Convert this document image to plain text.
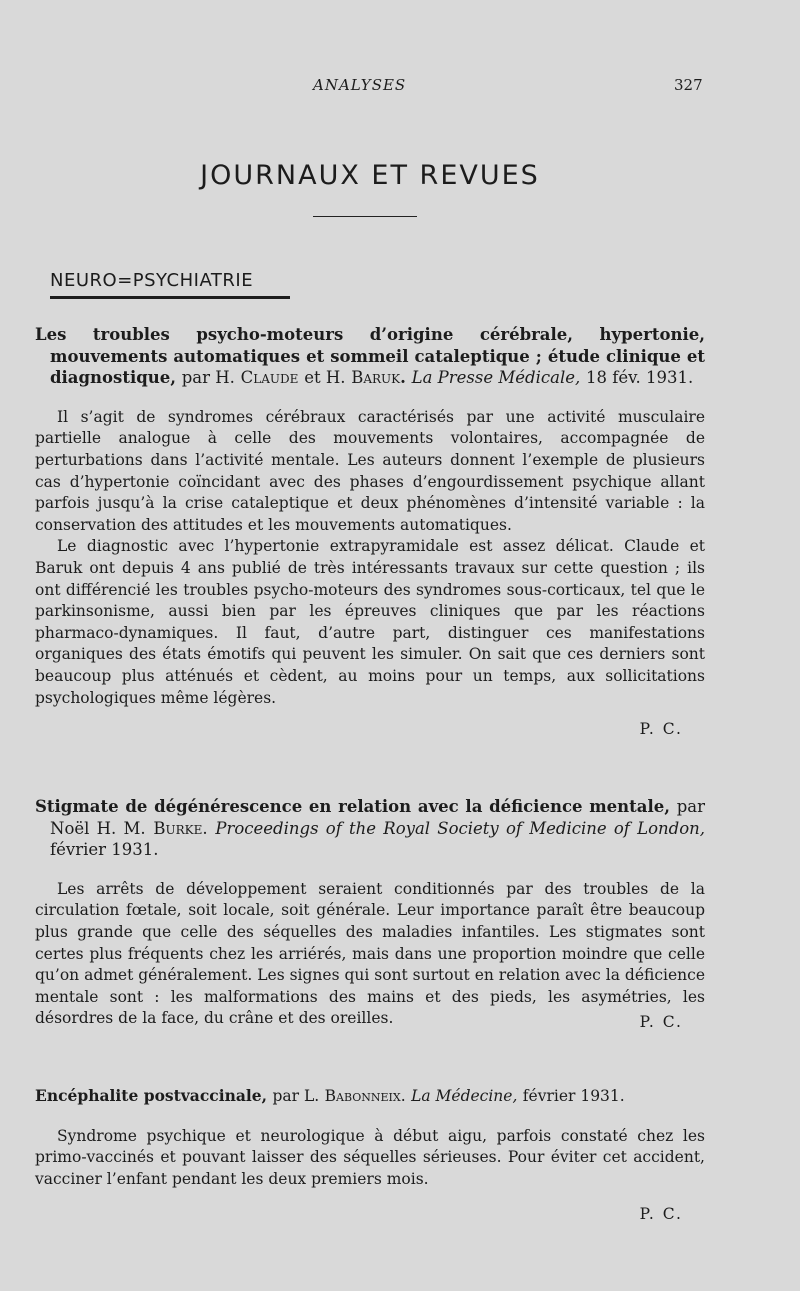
ANALYSES	327
JOURNAUX ET REVUES
NEURO=PSYCHIATRIE
Les troubles psycho-moteurs d’origine cérébrale, hypertonie, mouvements automatiques et sommeil cataleptique ; étude clinique et diagnostique, par H. Claude et H. Baruk. La Presse Médicale, 18 fév. 1931.

Il s’agit de syndromes cérébraux caractérisés par une activité musculaire partielle analogue à celle des mouvements volontaires, accompagnée de perturbations dans l’activité mentale. Les auteurs donnent l’exemple de plusieurs cas d’hypertonie coïncidant avec des phases d’engourdissement psychique allant parfois jusqu’à la crise cataleptique et deux phénomènes d’intensité variable : la conservation des attitudes et les mouvements automatiques.

Le diagnostic avec l’hypertonie extrapyramidale est assez délicat. Claude et Baruk ont depuis 4 ans publié de très intéressants travaux sur cette question ; ils ont différencié les troubles psycho-moteurs des syndromes sous-corticaux, tel que le parkinsonisme, aussi bien par les épreuves cliniques que par les réactions pharmaco-dynamiques. Il faut, d’autre part, distinguer ces manifestations organiques des états émotifs qui peuvent les simuler. On sait que ces derniers sont beaucoup plus atténués et cèdent, au moins pour un temps, aux sollicitations psychologiques même légères.

P. C.
Stigmate de dégénérescence en relation avec la déficience mentale, par Noël H. M. Burke. Proceedings of the Royal Society of Medicine of London, février 1931.

Les arrêts de développement seraient conditionnés par des troubles de la circulation fœtale, soit locale, soit générale. Leur importance paraît être beaucoup plus grande que celle des séquelles des maladies infantiles. Les stigmates sont certes plus fréquents chez les arriérés, mais dans une proportion moindre que celle qu’on admet généralement. Les signes qui sont surtout en relation avec la déficience mentale sont : les malformations des mains et des pieds, les asymétries, les désordres de la face, du crâne et des oreilles.	P. C.
Encéphalite postvaccinale, par L. Babonneix. La Médecine, février 1931.

Syndrome psychique et neurologique à début aigu, parfois constaté chez les primo-vaccinés et pouvant laisser des séquelles sérieuses. Pour éviter cet accident, vacciner l’enfant pendant les deux premiers mois.

P. C.
